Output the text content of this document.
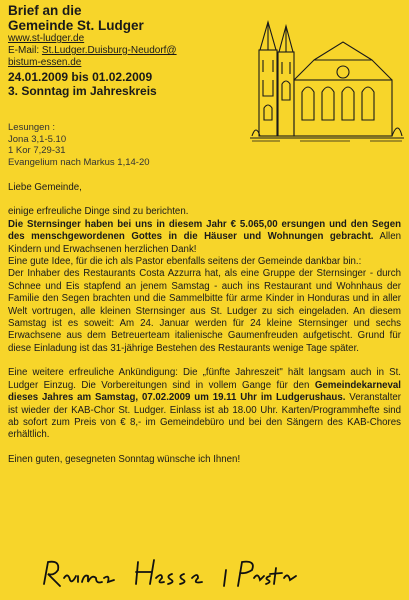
Brief an die

Gemeinde St. Ludger

www.st-ludger.de

E-Mail: St.Ludger.Duisburg-Neudorf@

bistum-essen.de

24.01.2009 bis 01.02.2009

3. Sonntag im Jahreskreis

Lesungen :
Jona 3,1-5.10
1 Kor 7,29-31
Evangelium nach Markus 1,14-20

Liebe Gemeinde,

einige erfreuliche Dinge sind zu berichten.

Die Sternsinger haben bei uns in diesem Jahr € 5.065,00 ersungen und den Segen des menschgewordenen Gottes in die Häuser und Wohnungen gebracht. Allen Kindern und Erwachsenen herzlichen Dank!

Eine gute Idee, für die ich als Pastor ebenfalls seitens der Gemeinde dankbar bin.:

Der Inhaber des Restaurants Costa Azzurra hat, als eine Gruppe der Sternsinger - durch Schnee und Eis stapfend an jenem Samstag - auch ins Restaurant und Wohnhaus der Familie den Segen brachten und die Sammelbitte für arme Kinder in Honduras und in aller Welt vortrugen, alle kleinen Sternsinger aus St. Ludger zu sich eingeladen. An diesem Samstag ist es soweit: Am 24. Januar werden für 24 kleine Sternsinger und sechs Erwachsene aus dem Betreuerteam italienische Gaumenfreuden aufgetischt. Grund für diese Einladung ist das 31-jährige Bestehen des Restaurants wenige Tage später.

Eine weitere erfreuliche Ankündigung: Die „fünfte Jahreszeit" hält langsam auch in St. Ludger Einzug. Die Vorbereitungen sind in vollem Gange für den Gemeindekarneval dieses Jahres am Samstag, 07.02.2009 um 19.11 Uhr im Ludgerushaus. Veranstalter ist wieder der KAB-Chor St. Ludger. Einlass ist ab 18.00 Uhr. Karten/Programmhefte sind ab sofort zum Preis von € 8,- im Gemeindebüro und bei den Sängern des KAB-Chores erhältlich.

Einen guten, gesegneten Sonntag wünsche ich Ihnen!
